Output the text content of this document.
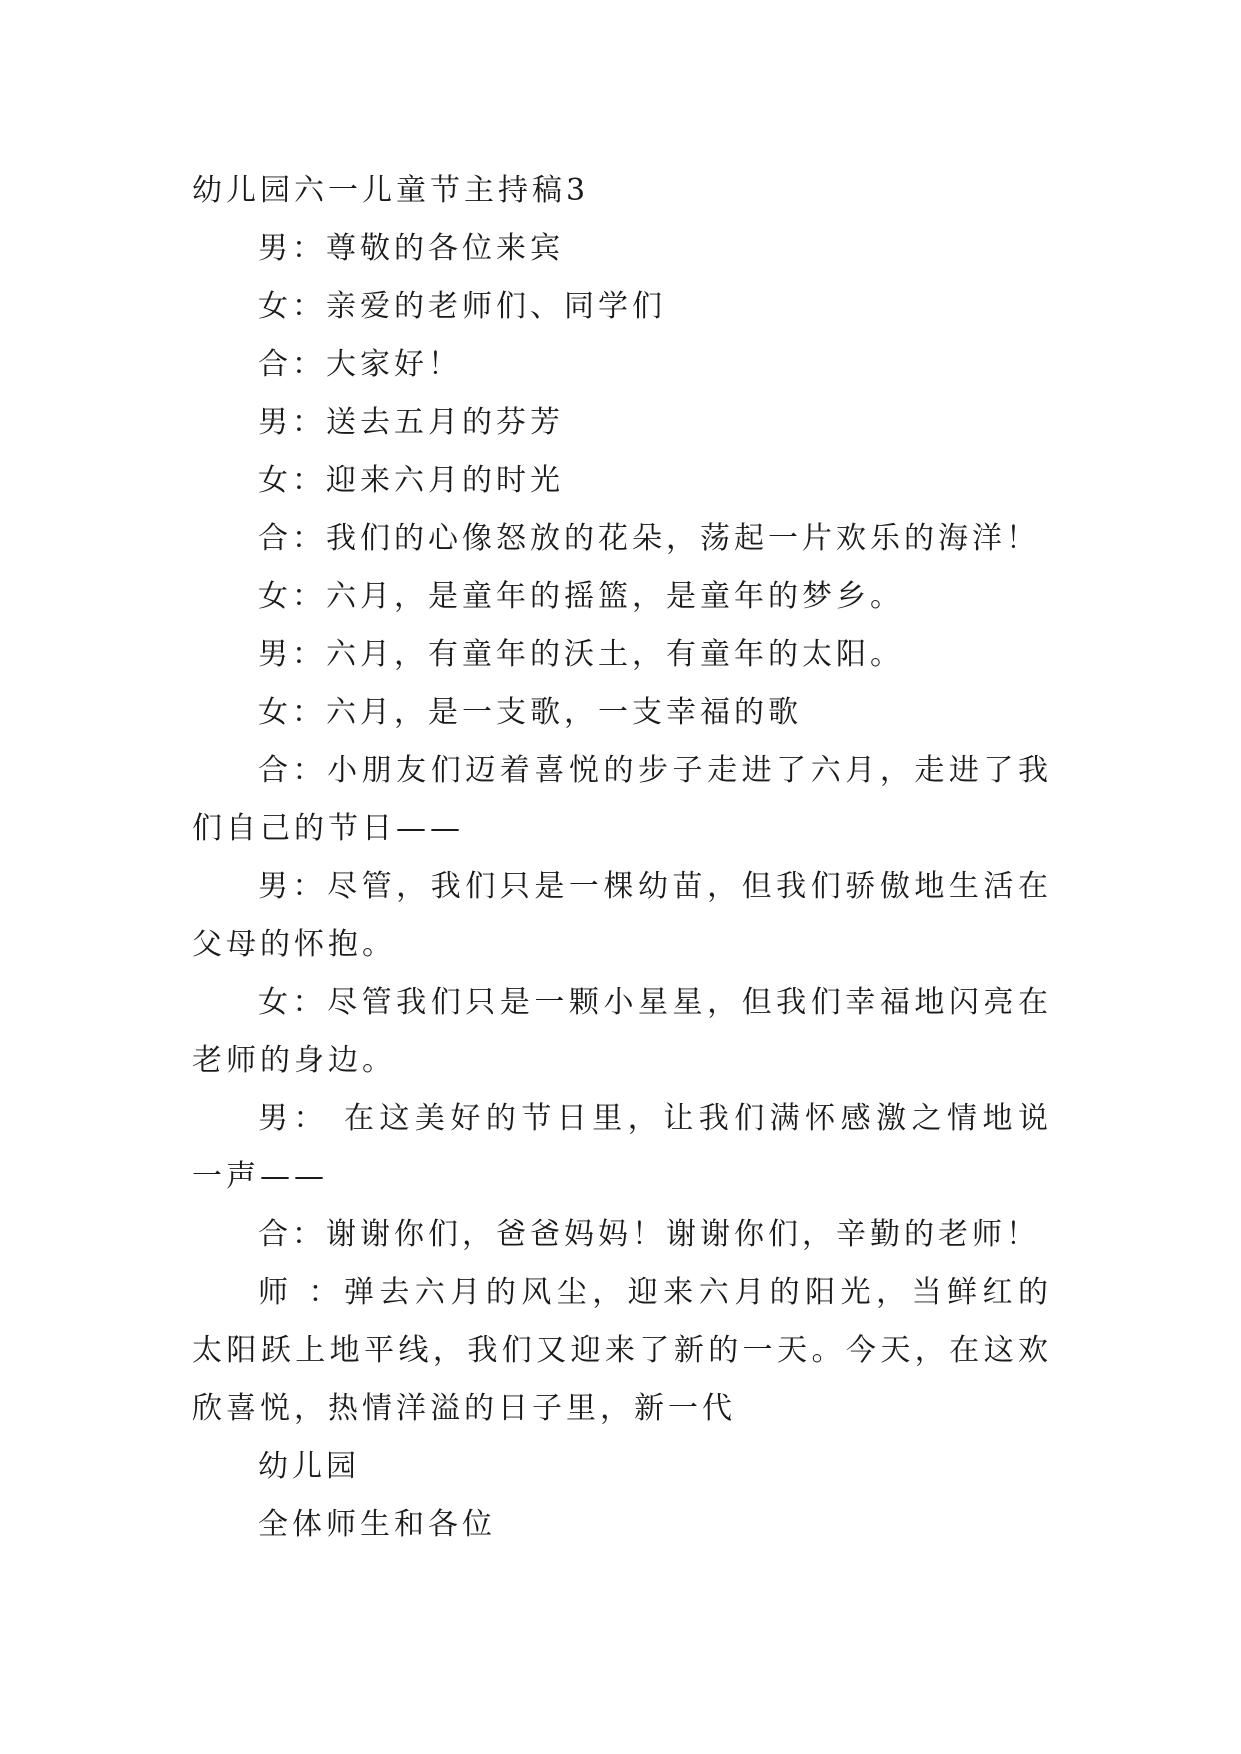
幼儿园六一儿童节主持稿3

男：尊敬的各位来宾

女：亲爱的老师们、同学们

合：大家好！

男：送去五月的芬芳

女：迎来六月的时光

合：我们的心像怒放的花朵，荡起一片欢乐的海洋！

女：六月，是童年的摇篮，是童年的梦乡。

男：六月，有童年的沃土，有童年的太阳。

女：六月，是一支歌，一支幸福的歌

合：小朋友们迈着喜悦的步子走进了六月，走进了我们自己的节日——

男：尽管，我们只是一棵幼苗，但我们骄傲地生活在父母的怀抱。

女：尽管我们只是一颗小星星，但我们幸福地闪亮在老师的身边。

男： 在这美好的节日里，让我们满怀感激之情地说一声——

合：谢谢你们，爸爸妈妈！谢谢你们，辛勤的老师！

师 ：弹去六月的风尘，迎来六月的阳光，当鲜红的太阳跃上地平线，我们又迎来了新的一天。今天，在这欢欣喜悦，热情洋溢的日子里，新一代

幼儿园

全体师生和各位
